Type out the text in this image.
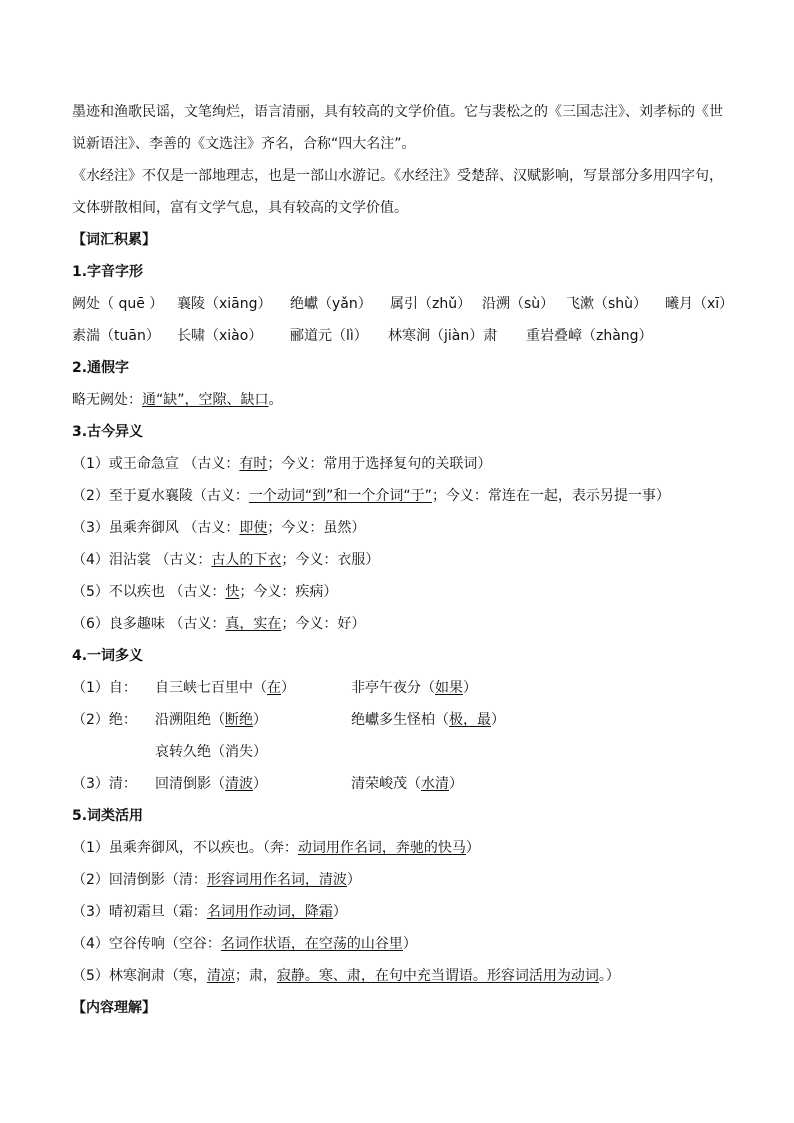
墨迹和渔歌民谣，文笔绚烂，语言清丽，具有较高的文学价值。它与裴松之的《三国志注》、刘孝标的《世
说新语注》、李善的《文选注》齐名，合称“四大名注”。
《水经注》不仅是一部地理志，也是一部山水游记。《水经注》受楚辞、汉赋影响，写景部分多用四字句，
文体骈散相间，富有文学气息，具有较高的文学价值。
【词汇积累】
1.字音字形
阙处（ quē ） 襄陵（xiāng） 绝巘（yǎn） 属引（zhǔ） 沿溯（sù） 飞漱（shù） 曦月（xī）
素湍（tuān） 长啸（xiào） 郦道元（lì） 林寒涧（jiàn）肃 重岩叠嶂（zhàng）
2.通假字
略无阙处：通“缺”，空隙、缺口。
3.古今异义
（1）或王命急宣 （古义：有时；今义：常用于选择复句的关联词）
（2）至于夏水襄陵（古义：一个动词“到”和一个介词“于”；今义：常连在一起，表示另提一事）
（3）虽乘奔御风 （古义：即使；今义：虽然）
（4）泪沾裳 （古义：古人的下衣；今义：衣服）
（5）不以疾也 （古义：快；今义：疾病）
（6）良多趣味 （古义：真，实在；今义：好）
4.一词多义
（1）自： 自三峡七百里中（在）	非亭午夜分（如果）
（2）绝： 沿溯阻绝（断绝）	绝巘多生怪柏（极，最）
哀转久绝（消失）
（3）清： 回清倒影（清波）	清荣峻茂（水清）
5.词类活用
（1）虽乘奔御风，不以疾也。（奔：动词用作名词，奔驰的快马）
（2）回清倒影（清：形容词用作名词，清波）
（3）晴初霜旦（霜：名词用作动词，降霜）
（4）空谷传响（空谷：名词作状语，在空荡的山谷里）
（5）林寒涧肃（寒，清凉；肃，寂静。寒、肃，在句中充当谓语。形容词活用为动词。）
【内容理解】
